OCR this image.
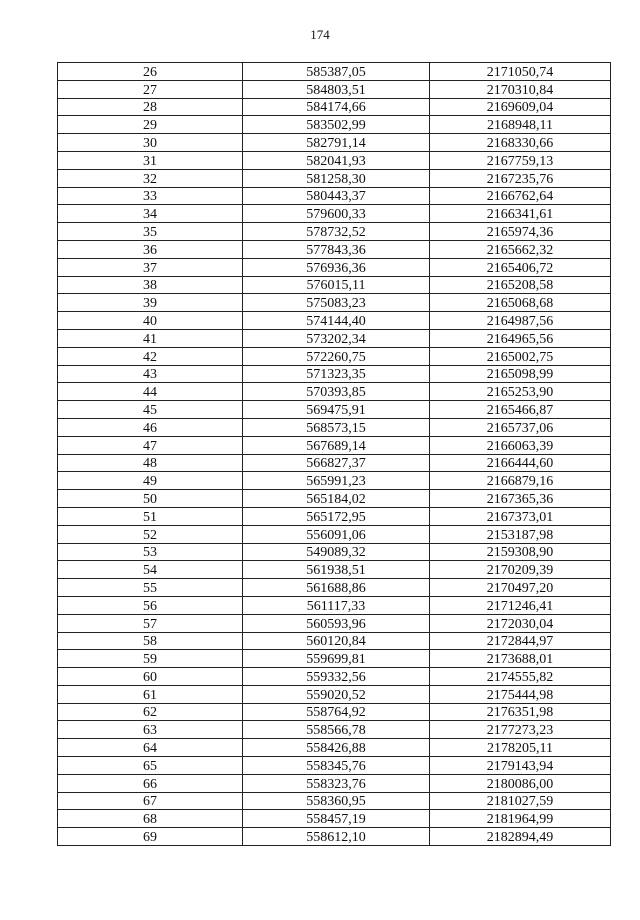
174
26	585387,05	2171050,74
27	584803,51	2170310,84
28	584174,66	2169609,04
29	583502,99	2168948,11
30	582791,14	2168330,66
31	582041,93	2167759,13
32	581258,30	2167235,76
33	580443,37	2166762,64
34	579600,33	2166341,61
35	578732,52	2165974,36
36	577843,36	2165662,32
37	576936,36	2165406,72
38	576015,11	2165208,58
39	575083,23	2165068,68
40	574144,40	2164987,56
41	573202,34	2164965,56
42	572260,75	2165002,75
43	571323,35	2165098,99
44	570393,85	2165253,90
45	569475,91	2165466,87
46	568573,15	2165737,06
47	567689,14	2166063,39
48	566827,37	2166444,60
49	565991,23	2166879,16
50	565184,02	2167365,36
51	565172,95	2167373,01
52	556091,06	2153187,98
53	549089,32	2159308,90
54	561938,51	2170209,39
55	561688,86	2170497,20
56	561117,33	2171246,41
57	560593,96	2172030,04
58	560120,84	2172844,97
59	559699,81	2173688,01
60	559332,56	2174555,82
61	559020,52	2175444,98
62	558764,92	2176351,98
63	558566,78	2177273,23
64	558426,88	2178205,11
65	558345,76	2179143,94
66	558323,76	2180086,00
67	558360,95	2181027,59
68	558457,19	2181964,99
69	558612,10	2182894,49
